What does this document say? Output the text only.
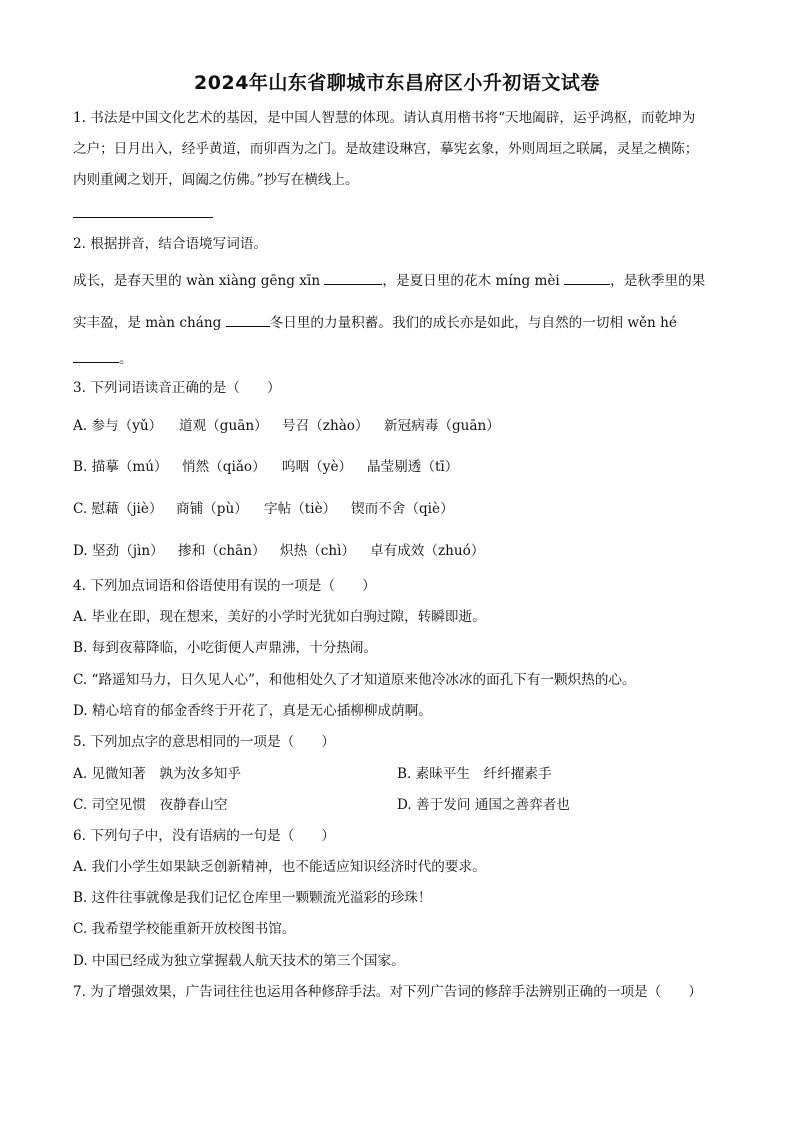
2024年山东省聊城市东昌府区小升初语文试卷
1. 书法是中国文化艺术的基因，是中国人智慧的体现。请认真用楷书将“天地阖辟，运乎鸿枢，而乾坤为
之户；日月出入，经乎黄道，而卯酉为之门。是故建设琳宫，摹宪玄象，外则周垣之联属，灵星之横陈；
内则重阈之划开，阊阖之仿佛。”抄写在横线上。
2. 根据拼音，结合语境写词语。
成长，是春天里的 wàn xiàng gēng xīn	，是夏日里的花木 míng mèi	，是秋季里的果
实丰盈，是 màn cháng	冬日里的力量积蓄。我们的成长亦是如此，与自然的一切相 wěn hé
。
3. 下列词语读音正确的是（　　）
A. 参与（yǔ） 道观（guān） 号召（zhào） 新冠病毒（guān）
B. 描摹（mú） 悄然（qiǎo） 呜咽（yè） 晶莹剔透（tī）
C. 慰藉（jiè） 商铺（pù） 字帖（tiè） 锲而不舍（qiè）
D. 坚劲（jìn） 掺和（chān） 炽热（chì） 卓有成效（zhuó）
4. 下列加点词语和俗语使用有误的一项是（　　）
A. 毕业在即，现在想来，美好的小学时光犹如白驹过隙，转瞬即逝。
B. 每到夜幕降临，小吃街便人声鼎沸，十分热闹。
C. “路遥知马力，日久见人心”，和他相处久了才知道原来他冷冰冰的面孔下有一颗炽热的心。
D. 精心培育的郁金香终于开花了，真是无心插柳柳成荫啊。
5. 下列加点字的意思相同的一项是（　　）
A. 见微知著　孰为汝多知乎	B. 素昧平生　纤纤擢素手
C. 司空见惯　夜静春山空	D. 善于发问 通国之善弈者也
6. 下列句子中，没有语病的一句是（　　）
A. 我们小学生如果缺乏创新精神，也不能适应知识经济时代的要求。
B. 这件往事就像是我们记忆仓库里一颗颗流光溢彩的珍珠！
C. 我希望学校能重新开放校图书馆。
D. 中国已经成为独立掌握载人航天技术的第三个国家。
7. 为了增强效果，广告词往往也运用各种修辞手法。对下列广告词的修辞手法辨别正确的一项是（　　）
